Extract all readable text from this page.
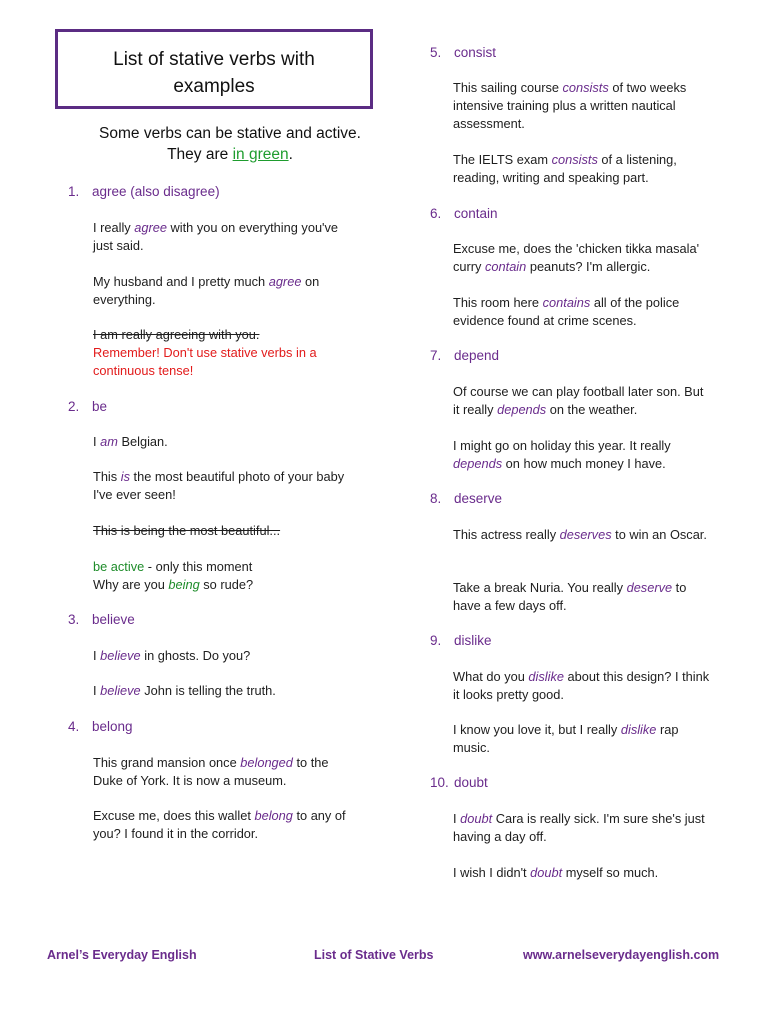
List of stative verbs with
examples
Some verbs can be stative and active.
They are in green.
1. agree (also disagree)
I really agree with you on everything you've just said.
My husband and I pretty much agree on everything.
I am really agreeing with you.
Remember! Don't use stative verbs in a continuous tense!
2. be
I am Belgian.
This is the most beautiful photo of your baby I've ever seen!
This is being the most beautiful...
be active - only this moment
Why are you being so rude?
3. believe
I believe in ghosts. Do you?
I believe John is telling the truth.
4. belong
This grand mansion once belonged to the Duke of York. It is now a museum.
Excuse me, does this wallet belong to any of you? I found it in the corridor.
5. consist
This sailing course consists of two weeks intensive training plus a written nautical assessment.
The IELTS exam consists of a listening, reading, writing and speaking part.
6. contain
Excuse me, does the 'chicken tikka masala' curry contain peanuts? I'm allergic.
This room here contains all of the police evidence found at crime scenes.
7. depend
Of course we can play football later son. But it really depends on the weather.
I might go on holiday this year. It really depends on how much money I have.
8. deserve
This actress really deserves to win an Oscar.
Take a break Nuria. You really deserve to have a few days off.
9. dislike
What do you dislike about this design? I think it looks pretty good.
I know you love it, but I really dislike rap music.
10. doubt
I doubt Cara is really sick. I'm sure she's just having a day off.
I wish I didn't doubt myself so much.
Arnel’s Everyday English	List of Stative Verbs	www.arnelseverydayenglish.com
